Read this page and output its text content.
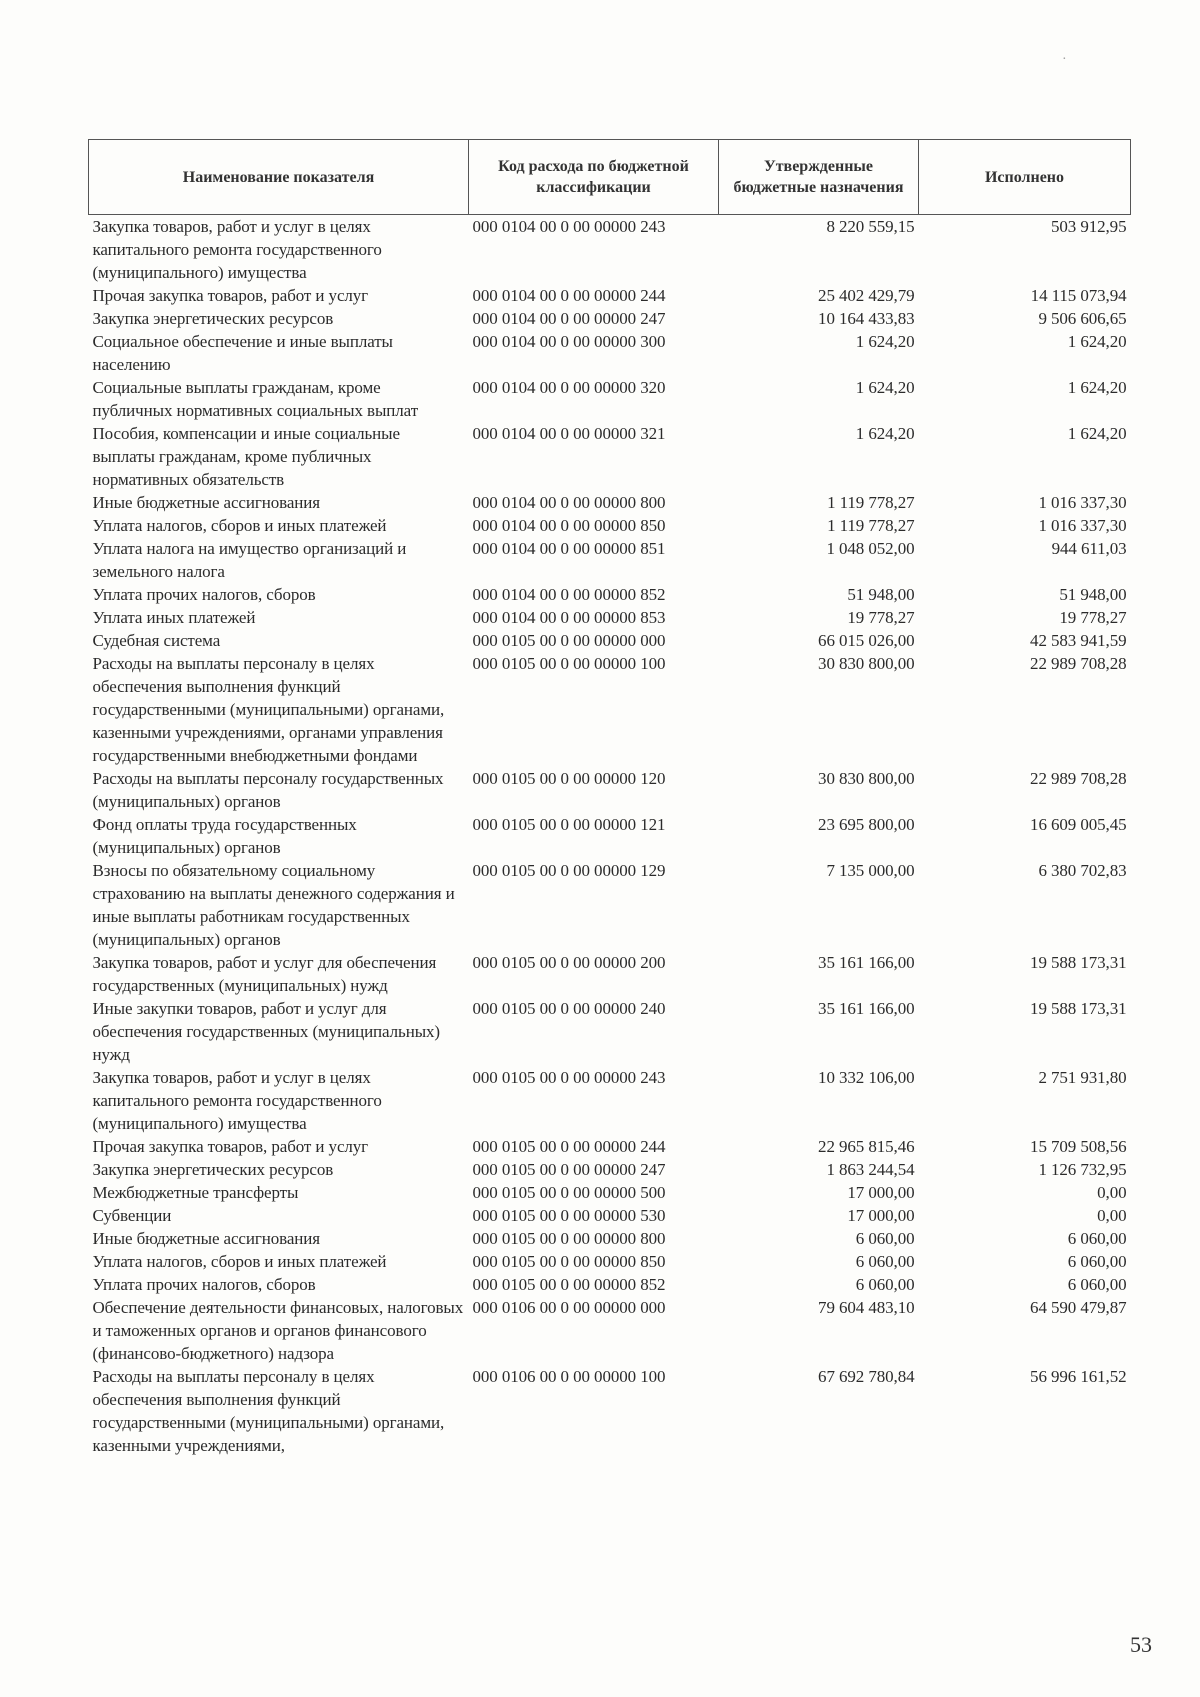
·
Наименование показателя	Код расхода по бюджетной классификации	Утвержденные бюджетные назначения	Исполнено
Закупка товаров, работ и услуг в целях капитального ремонта государственного (муниципального) имущества	000 0104 00 0 00 00000 243	8 220 559,15	503 912,95
Прочая закупка товаров, работ и услуг	000 0104 00 0 00 00000 244	25 402 429,79	14 115 073,94
Закупка энергетических ресурсов	000 0104 00 0 00 00000 247	10 164 433,83	9 506 606,65
Социальное обеспечение и иные выплаты населению	000 0104 00 0 00 00000 300	1 624,20	1 624,20
Социальные выплаты гражданам, кроме публичных нормативных социальных выплат	000 0104 00 0 00 00000 320	1 624,20	1 624,20
Пособия, компенсации и иные социальные выплаты гражданам, кроме публичных нормативных обязательств	000 0104 00 0 00 00000 321	1 624,20	1 624,20
Иные бюджетные ассигнования	000 0104 00 0 00 00000 800	1 119 778,27	1 016 337,30
Уплата налогов, сборов и иных платежей	000 0104 00 0 00 00000 850	1 119 778,27	1 016 337,30
Уплата налога на имущество организаций и земельного налога	000 0104 00 0 00 00000 851	1 048 052,00	944 611,03
Уплата прочих налогов, сборов	000 0104 00 0 00 00000 852	51 948,00	51 948,00
Уплата иных платежей	000 0104 00 0 00 00000 853	19 778,27	19 778,27
Судебная система	000 0105 00 0 00 00000 000	66 015 026,00	42 583 941,59
Расходы на выплаты персоналу в целях обеспечения выполнения функций государственными (муниципальными) органами, казенными учреждениями, органами управления государственными внебюджетными фондами	000 0105 00 0 00 00000 100	30 830 800,00	22 989 708,28
Расходы на выплаты персоналу государственных (муниципальных) органов	000 0105 00 0 00 00000 120	30 830 800,00	22 989 708,28
Фонд оплаты труда государственных (муниципальных) органов	000 0105 00 0 00 00000 121	23 695 800,00	16 609 005,45
Взносы по обязательному социальному страхованию на выплаты денежного содержания и иные выплаты работникам государственных (муниципальных) органов	000 0105 00 0 00 00000 129	7 135 000,00	6 380 702,83
Закупка товаров, работ и услуг для обеспечения государственных (муниципальных) нужд	000 0105 00 0 00 00000 200	35 161 166,00	19 588 173,31
Иные закупки товаров, работ и услуг для обеспечения государственных (муниципальных) нужд	000 0105 00 0 00 00000 240	35 161 166,00	19 588 173,31
Закупка товаров, работ и услуг в целях капитального ремонта государственного (муниципального) имущества	000 0105 00 0 00 00000 243	10 332 106,00	2 751 931,80
Прочая закупка товаров, работ и услуг	000 0105 00 0 00 00000 244	22 965 815,46	15 709 508,56
Закупка энергетических ресурсов	000 0105 00 0 00 00000 247	1 863 244,54	1 126 732,95
Межбюджетные трансферты	000 0105 00 0 00 00000 500	17 000,00	0,00
Субвенции	000 0105 00 0 00 00000 530	17 000,00	0,00
Иные бюджетные ассигнования	000 0105 00 0 00 00000 800	6 060,00	6 060,00
Уплата налогов, сборов и иных платежей	000 0105 00 0 00 00000 850	6 060,00	6 060,00
Уплата прочих налогов, сборов	000 0105 00 0 00 00000 852	6 060,00	6 060,00
Обеспечение деятельности финансовых, налоговых и таможенных органов и органов финансового (финансово-бюджетного) надзора	000 0106 00 0 00 00000 000	79 604 483,10	64 590 479,87
Расходы на выплаты персоналу в целях обеспечения выполнения функций государственными (муниципальными) органами, казенными учреждениями,	000 0106 00 0 00 00000 100	67 692 780,84	56 996 161,52
53
